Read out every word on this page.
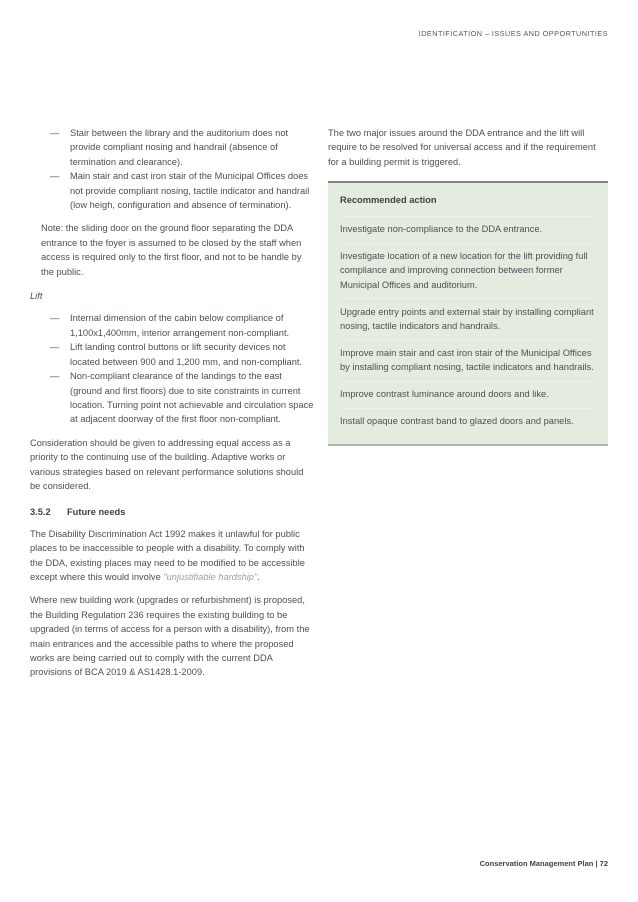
IDENTIFICATION – ISSUES AND OPPORTUNITIES
—	Stair between the library and the auditorium does not provide compliant nosing and handrail (absence of termination and clearance).
—	Main stair and cast iron stair of the Municipal Offices does not provide compliant nosing, tactile indicator and handrail (low heigh, configuration and absence of termination).

Note: the sliding door on the ground floor separating the DDA entrance to the foyer is assumed to be closed by the staff when access is required only to the first floor, and not to be handle by the public.

Lift
—	Internal dimension of the cabin below compliance of 1,100x1,400mm, interior arrangement non-compliant.
—	Lift landing control buttons or lift security devices not located between 900 and 1,200 mm, and non-compliant.
—	Non-compliant clearance of the landings to the east (ground and first floors) due to site constraints in current location. Turning point not achievable and circulation space at adjacent doorway of the first floor non-compliant.

Consideration should be given to addressing equal access as a priority to the continuing use of the building. Adaptive works or various strategies based on relevant performance solutions should be considered.

3.5.2 Future needs

The Disability Discrimination Act 1992 makes it unlawful for public places to be inaccessible to people with a disability. To comply with the DDA, existing places may need to be modified to be accessible except where this would involve "unjustifiable hardship".

Where new building work (upgrades or refurbishment) is proposed, the Building Regulation 236 requires the existing building to be upgraded (in terms of access for a person with a disability), from the main entrances and the accessible paths to where the proposed works are being carried out to comply with the current DDA provisions of BCA 2019 & AS1428.1-2009.

The two major issues around the DDA entrance and the lift will require to be resolved for universal access and if the requirement for a building permit is triggered.

Recommended action
Investigate non-compliance to the DDA entrance.
Investigate location of a new location for the lift providing full compliance and improving connection between former Municipal Offices and auditorium.
Upgrade entry points and external stair by installing compliant nosing, tactile indicators and handrails.
Improve main stair and cast iron stair of the Municipal Offices by installing compliant nosing, tactile indicators and handrails.
Improve contrast luminance around doors and like.
Install opaque contrast band to glazed doors and panels.
Conservation Management Plan | 72
